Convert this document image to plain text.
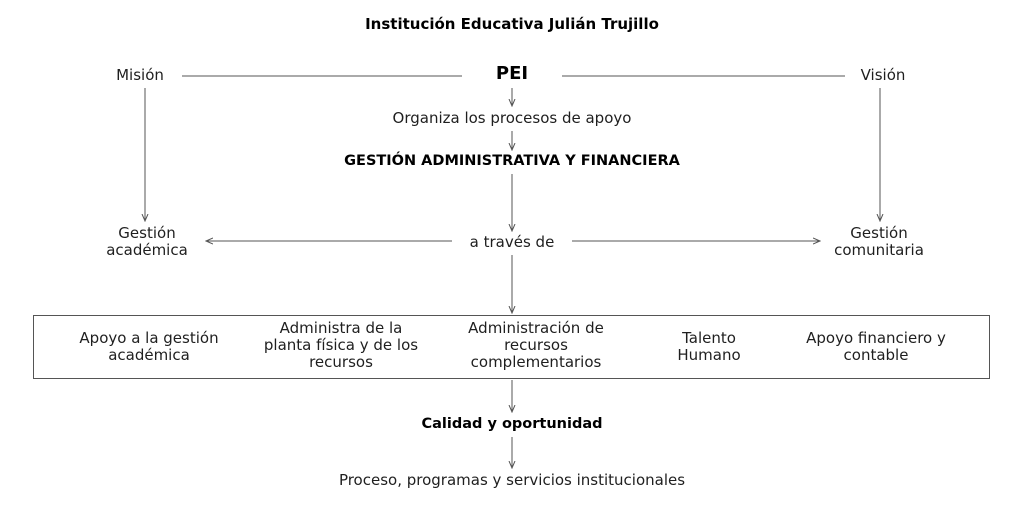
Institución Educativa Julián Trujillo
Misión	PEI	Visión
Organiza los procesos de apoyo
GESTIÓN ADMINISTRATIVA Y FINANCIERA
Gestión académica	a través de	Gestión comunitaria
Apoyo a la gestión académica
Administra de la planta física y de los recursos
Administración de recursos complementarios
Talento Humano
Apoyo financiero y contable
Calidad y oportunidad
Proceso, programas y servicios institucionales
